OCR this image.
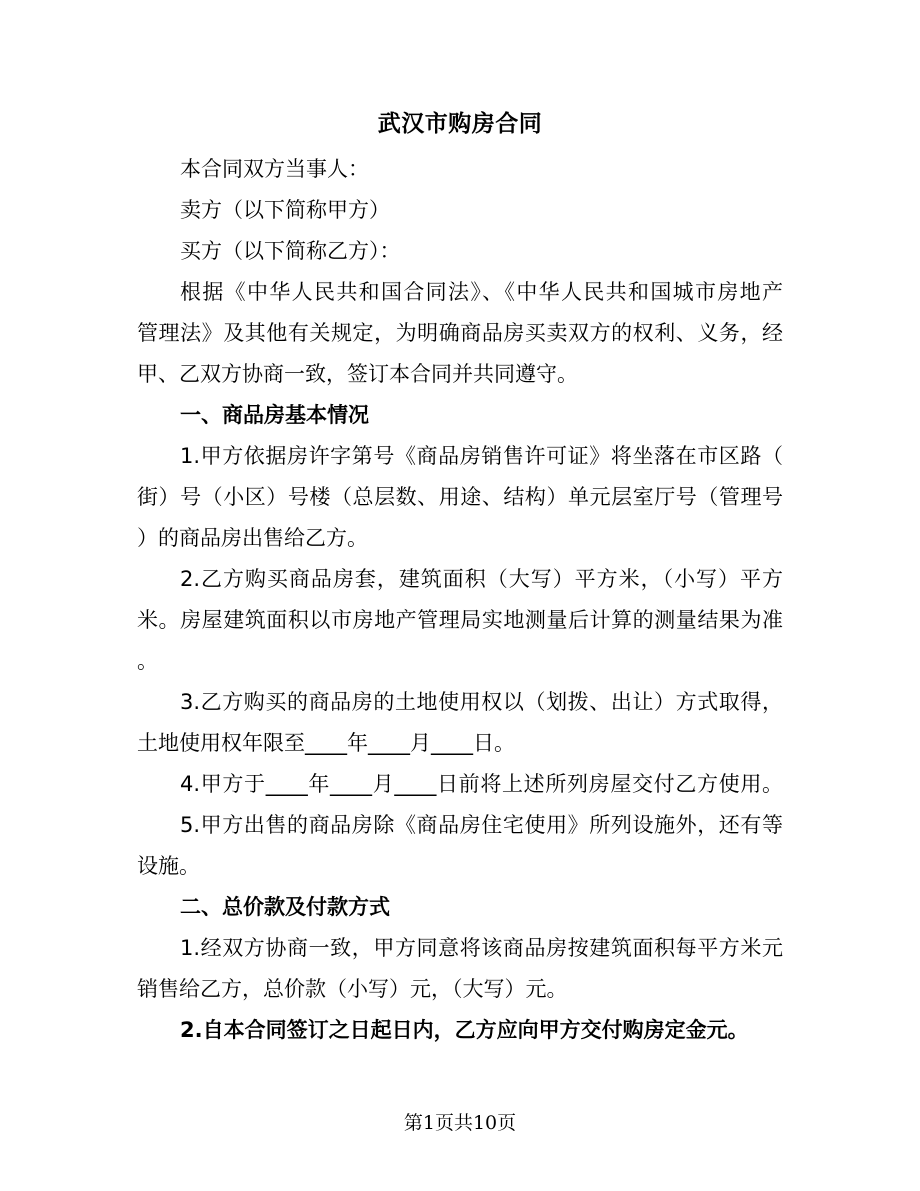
武汉市购房合同
本合同双方当事人：
卖方（以下简称甲方）
买方（以下简称乙方）：
根据《中华人民共和国合同法》、《中华人民共和国城市房地产
管理法》及其他有关规定，为明确商品房买卖双方的权利、义务，经
甲、乙双方协商一致，签订本合同并共同遵守。
一、商品房基本情况
1.甲方依据房许字第号《商品房销售许可证》将坐落在市区路（
街）号（小区）号楼（总层数、用途、结构）单元层室厅号（管理号
）的商品房出售给乙方。
2.乙方购买商品房套，建筑面积（大写）平方米，（小写）平方
米。房屋建筑面积以市房地产管理局实地测量后计算的测量结果为准
。
3.乙方购买的商品房的土地使用权以（划拨、出让）方式取得，
土地使用权年限至____年____月____日。
4.甲方于____年____月____日前将上述所列房屋交付乙方使用。
5.甲方出售的商品房除《商品房住宅使用》所列设施外，还有等
设施。
二、总价款及付款方式
1.经双方协商一致，甲方同意将该商品房按建筑面积每平方米元
销售给乙方，总价款（小写）元，（大写）元。
2.自本合同签订之日起日内，乙方应向甲方交付购房定金元。
第1页共10页
